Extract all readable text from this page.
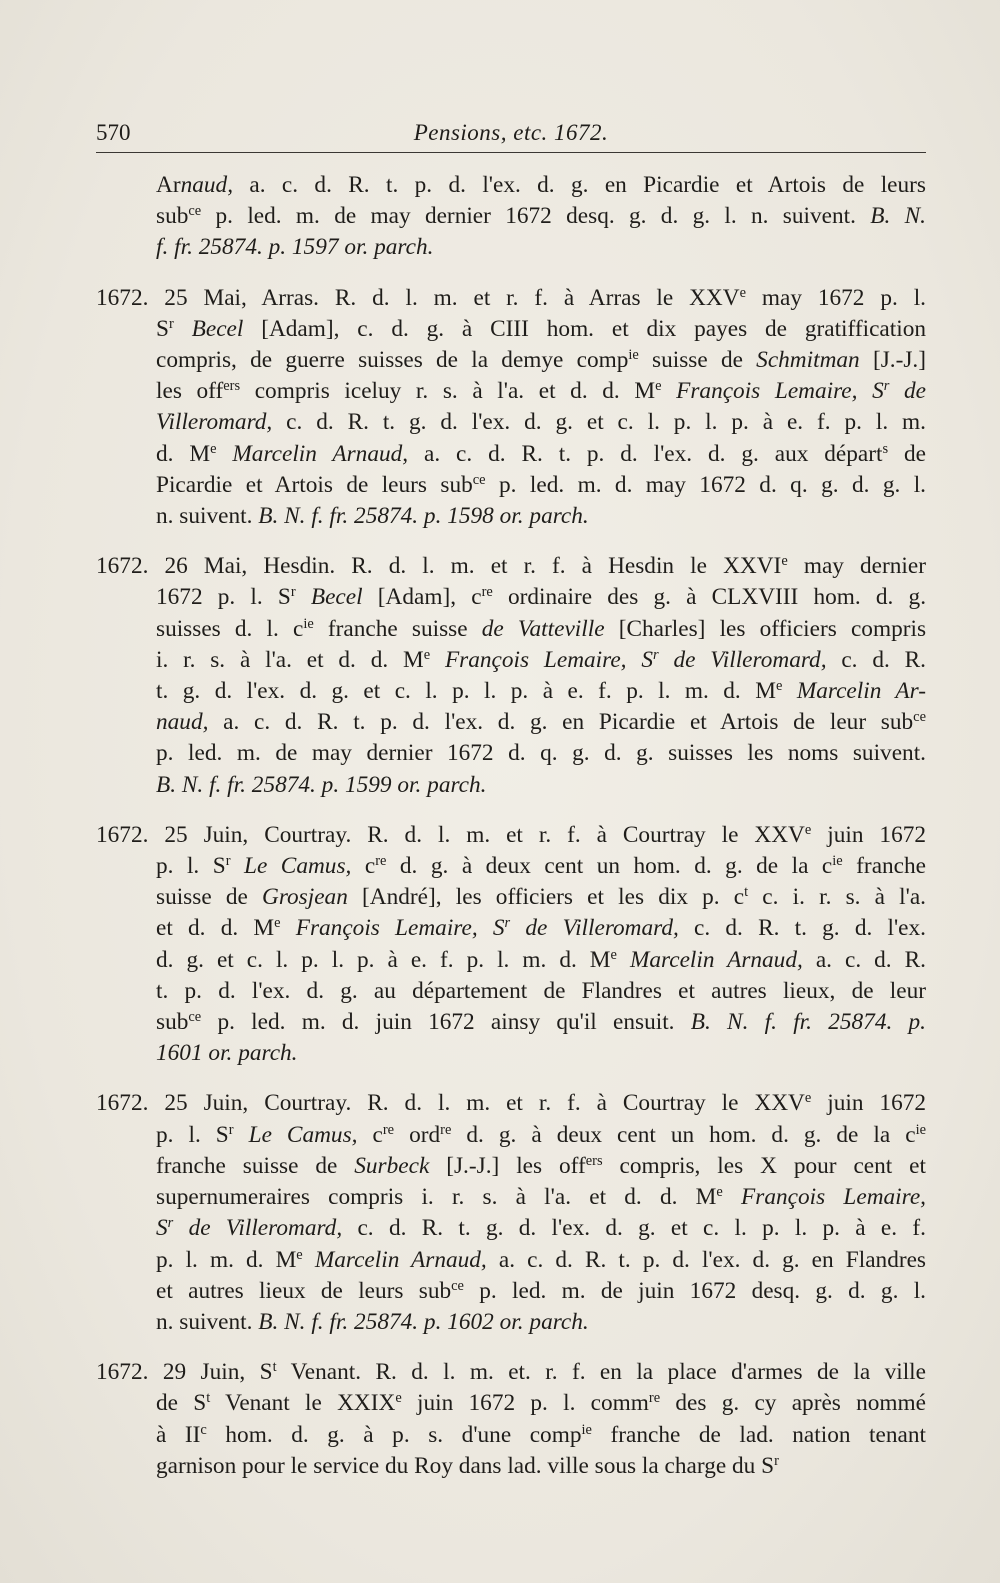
570	Pensions, etc. 1672.
Arnaud, a. c. d. R. t. p. d. l'ex. d. g. en Picardie et Artois de leurs
sub$^{ce}$ p. led. m. de may dernier 1672 desq. g. d. g. l. n. suivent. B. N.
f. fr. 25874. p. 1597 or. parch.
1672. 25 Mai, Arras. R. d. l. m. et r. f. à Arras le XXVe may 1672 p. l.
$S^r$ Becel [Adam], c. d. g. à CIII hom. et dix payes de gratiffication
compris, de guerre suisses de la demye comp$^{ie}$ suisse de Schmitman [J.-J.]
les off$^{ers}$ compris iceluy r. s. à l'a. et d. d. Me François Lemaire, $S^r$ de
Villeromard, c. d. R. t. g. d. l'ex. d. g. et c. l. p. l. p. à e. f. p. l. m.
d. Me Marcelin Arnaud, a. c. d. R. t. p. d. l'ex. d. g. aux départ$^s$ de
Picardie et Artois de leurs sub$^{ce}$ p. led. m. d. may 1672 d. q. g. d. g. l.
n. suivent. B. N. f. fr. 25874. p. 1598 or. parch.
1672. 26 Mai, Hesdin. R. d. l. m. et r. f. à Hesdin le XXVIe may dernier
1672 p. l. $S^r$ Becel [Adam], $c^{re}$ ordinaire des g. à CLXVIII hom. d. g.
suisses d. l. $c^{ie}$ franche suisse de Vatteville [Charles] les officiers compris
i. r. s. à l'a. et d. d. Me François Lemaire, $S^r$ de Villeromard, c. d. R.
t. g. d. l'ex. d. g. et c. l. p. l. p. à e. f. p. l. m. d. Me Marcelin Ar-
naud, a. c. d. R. t. p. d. l'ex. d. g. en Picardie et Artois de leur sub$^{ce}$
p. led. m. de may dernier 1672 d. q. g. d. g. suisses les noms suivent.
B. N. f. fr. 25874. p. 1599 or. parch.
1672. 25 Juin, Courtray. R. d. l. m. et r. f. à Courtray le XXVe juin 1672
p. l. $S^r$ Le Camus, $c^{re}$ d. g. à deux cent un hom. d. g. de la $c^{ie}$ franche
suisse de Grosjean [André], les officiers et les dix p. $c^t$ c. i. r. s. à l'a.
et d. d. Me François Lemaire, $S^r$ de Villeromard, c. d. R. t. g. d. l'ex.
d. g. et c. l. p. l. p. à e. f. p. l. m. d. Me Marcelin Arnaud, a. c. d. R.
t. p. d. l'ex. d. g. au département de Flandres et autres lieux, de leur
sub$^{ce}$ p. led. m. d. juin 1672 ainsy qu'il ensuit. B. N. f. fr. 25874. p.
1601 or. parch.
1672. 25 Juin, Courtray. R. d. l. m. et r. f. à Courtray le XXVe juin 1672
p. l. $S^r$ Le Camus, $c^{re}$ ord$^{re}$ d. g. à deux cent un hom. d. g. de la $c^{ie}$
franche suisse de Surbeck [J.-J.] les off$^{ers}$ compris, les X pour cent et
supernumeraires compris i. r. s. à l'a. et d. d. Me François Lemaire,
$S^r$ de Villeromard, c. d. R. t. g. d. l'ex. d. g. et c. l. p. l. p. à e. f.
p. l. m. d. Me Marcelin Arnaud, a. c. d. R. t. p. d. l'ex. d. g. en Flandres
et autres lieux de leurs sub$^{ce}$ p. led. m. de juin 1672 desq. g. d. g. l.
n. suivent. B. N. f. fr. 25874. p. 1602 or. parch.
1672. 29 Juin, $S^t$ Venant. R. d. l. m. et. r. f. en la place d'armes de la ville
de $S^t$ Venant le XXIXe juin 1672 p. l. comm$^{re}$ des g. cy après nommé
à $II^c$ hom. d. g. à p. s. d'une comp$^{ie}$ franche de lad. nation tenant
garnison pour le service du Roy dans lad. ville sous la charge du $S^r$
